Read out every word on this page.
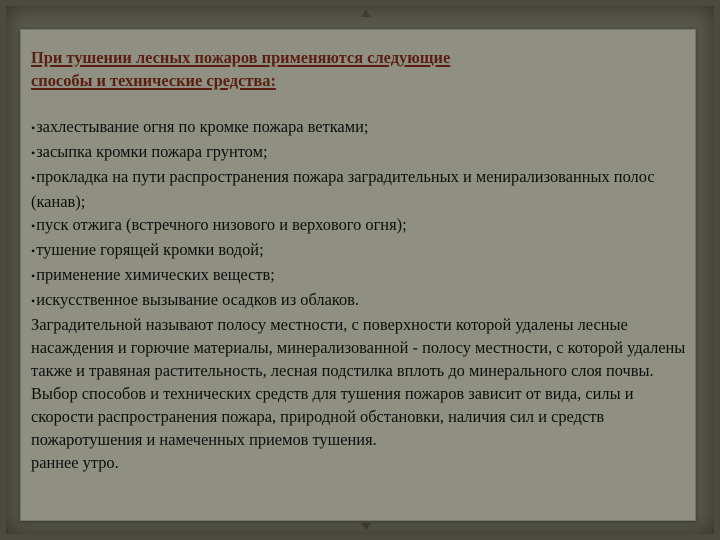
При тушении лесных пожаров применяются следующие
способы и технические средства:
•захлестывание огня по кромке пожара ветками;
•засыпка кромки пожара грунтом;
•прокладка на пути распространения пожара заградительных и менирализованных полос (канав);
•пуск отжига (встречного низового и верхового огня);
•тушение горящей кромки водой;
•применение химических веществ;
•искусственное вызывание осадков из облаков.

Заградительной называют полосу местности, с поверхности которой удалены лесные насаждения и горючие материалы, минерализованной - полосу местности, с которой удалены также и травяная растительность, лесная подстилка вплоть до минерального слоя почвы.

Выбор способов и технических средств для тушения пожаров зависит от вида, силы и скорости распространения пожара, природной обстановки, наличия сил и средств пожаротушения и намеченных приемов тушения.

раннее утро.
